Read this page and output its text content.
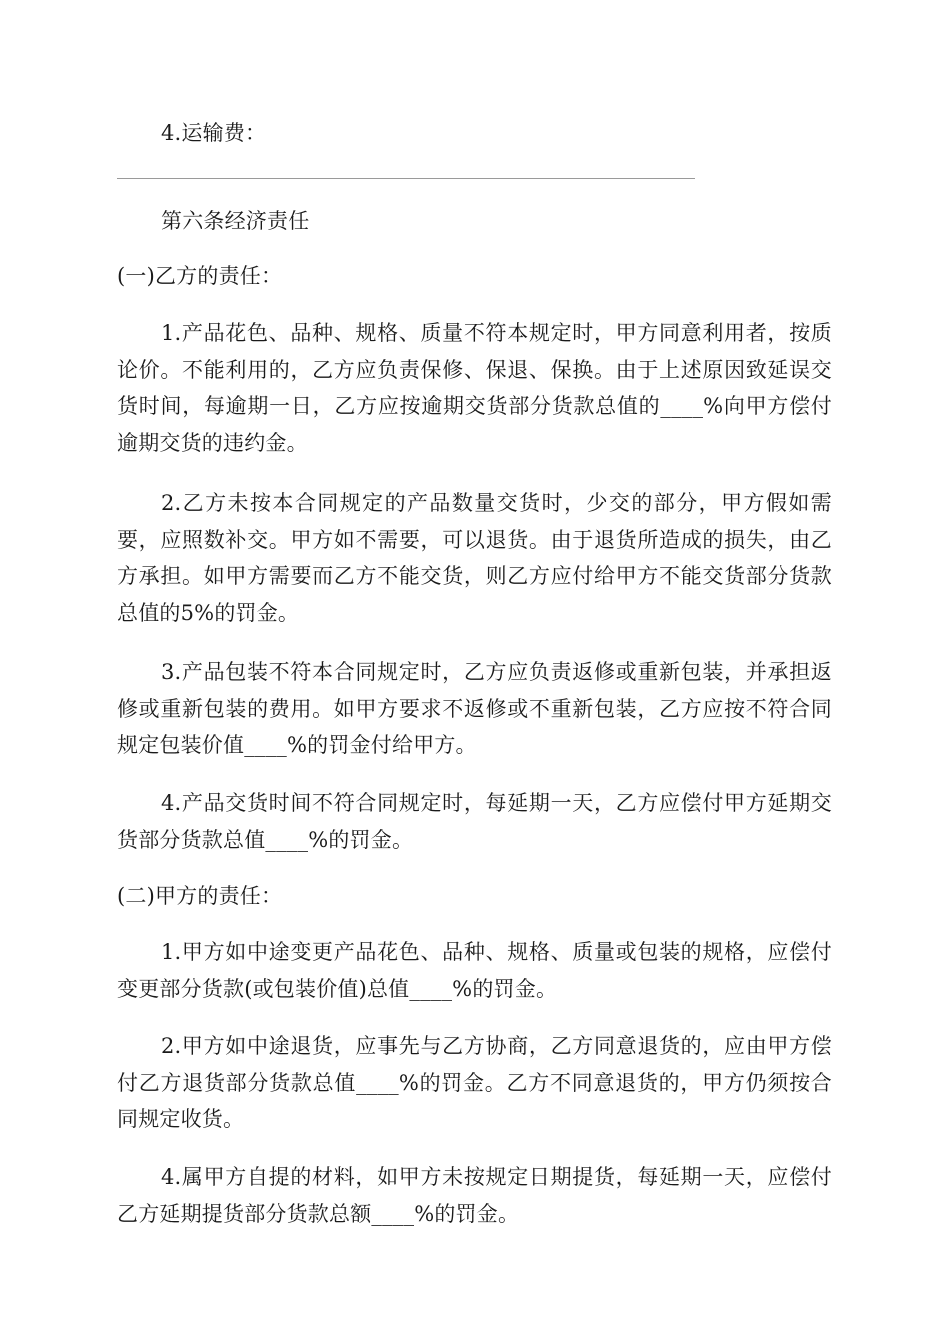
4.运输费：

第六条经济责任

(一)乙方的责任：

1.产品花色、品种、规格、质量不符本规定时，甲方同意利用者，按质论价。不能利用的，乙方应负责保修、保退、保换。由于上述原因致延误交货时间，每逾期一日，乙方应按逾期交货部分货款总值的____%向甲方偿付逾期交货的违约金。

2.乙方未按本合同规定的产品数量交货时，少交的部分，甲方假如需要，应照数补交。甲方如不需要，可以退货。由于退货所造成的损失，由乙方承担。如甲方需要而乙方不能交货，则乙方应付给甲方不能交货部分货款总值的5%的罚金。

3.产品包装不符本合同规定时，乙方应负责返修或重新包装，并承担返修或重新包装的费用。如甲方要求不返修或不重新包装，乙方应按不符合同规定包装价值____%的罚金付给甲方。

4.产品交货时间不符合同规定时，每延期一天，乙方应偿付甲方延期交货部分货款总值____%的罚金。

(二)甲方的责任：

1.甲方如中途变更产品花色、品种、规格、质量或包装的规格，应偿付变更部分货款(或包装价值)总值____%的罚金。

2.甲方如中途退货，应事先与乙方协商，乙方同意退货的，应由甲方偿付乙方退货部分货款总值____%的罚金。乙方不同意退货的，甲方仍须按合同规定收货。

4.属甲方自提的材料，如甲方未按规定日期提货，每延期一天，应偿付乙方延期提货部分货款总额____%的罚金。
